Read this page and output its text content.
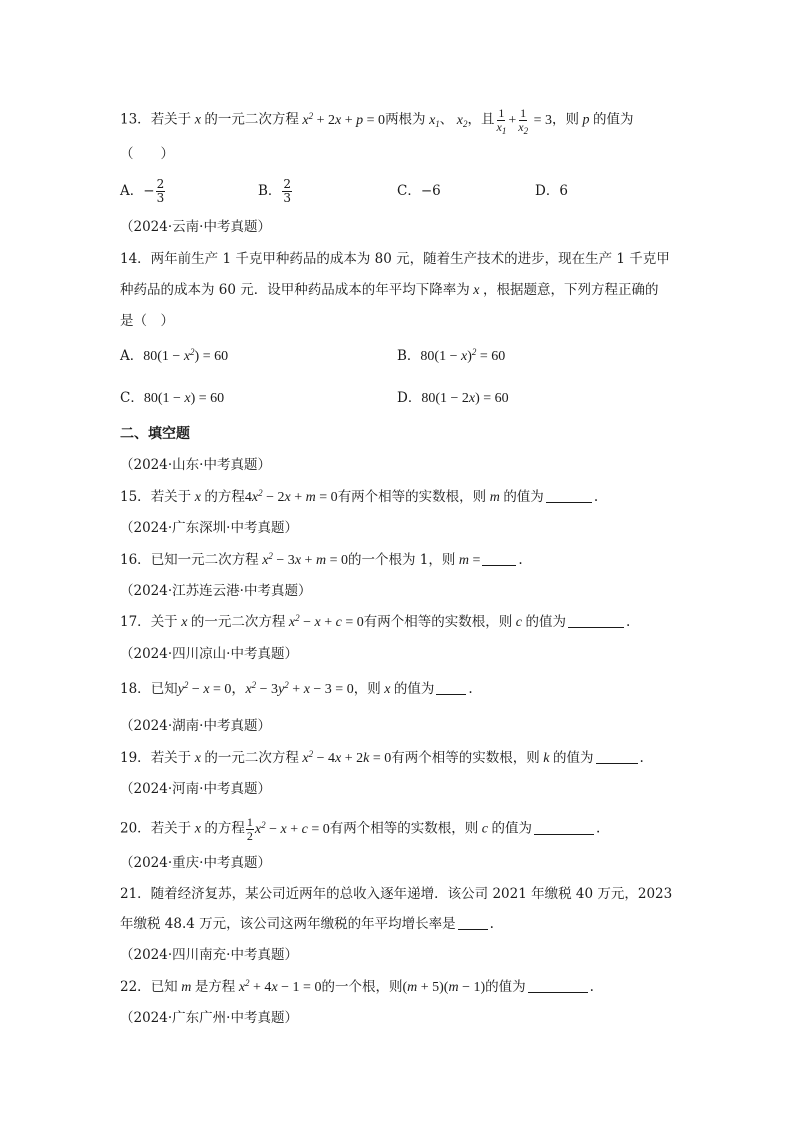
13．若关于 x 的一元二次方程 $x^2 + 2x + p = 0$两根为 $x_1$、 $x_2$，且 $\frac{1}{x_1} + \frac{1}{x_2} = 3$，则 p 的值为
（　　）
A．− $\frac{2}{3}$	B． $\frac{2}{3}$	C．−6	D．6
（2024·云南·中考真题）
14．两年前生产 1 千克甲种药品的成本为 80 元，随着生产技术的进步，现在生产 1 千克甲
种药品的成本为 60 元．设甲种药品成本的年平均下降率为 x ，根据题意，下列方程正确的
是（　）
A．$80(1 - x^2) = 60$	B．$80(1 - x)^2 = 60$
C．80(1 − x) = 60	D．80(1 − 2x) = 60
二、填空题
（2024·山东·中考真题）
15．若关于 x 的方程$4x^2 - 2x + m = 0$有两个相等的实数根，则 m 的值为	.
（2024·广东深圳·中考真题）
16．已知一元二次方程 $x^2 - 3x + m = 0$的一个根为 1，则 m =	.
（2024·江苏连云港·中考真题）
17．关于 x 的一元二次方程 $x^2 - x + c = 0$有两个相等的实数根，则 c 的值为	.
（2024·四川凉山·中考真题）
18．已知$y^2 - x = 0$，$x^2 - 3y^2 + x - 3 = 0$，则 x 的值为	.
（2024·湖南·中考真题）
19．若关于 x 的一元二次方程 $x^2 - 4x + 2k = 0$有两个相等的实数根，则 k 的值为	.
（2024·河南·中考真题）
20．若关于 x 的方程 $\frac{1}{2} x^2 - x + c = 0$有两个相等的实数根，则 c 的值为	.
（2024·重庆·中考真题）
21．随着经济复苏，某公司近两年的总收入逐年递增．该公司 2021 年缴税 40 万元，2023
年缴税 48.4 万元，该公司这两年缴税的年平均增长率是	.
（2024·四川南充·中考真题）
22．已知 m 是方程 $x^2 + 4x - 1 = 0$的一个根，则(m + 5)(m − 1)的值为	.
（2024·广东广州·中考真题）
